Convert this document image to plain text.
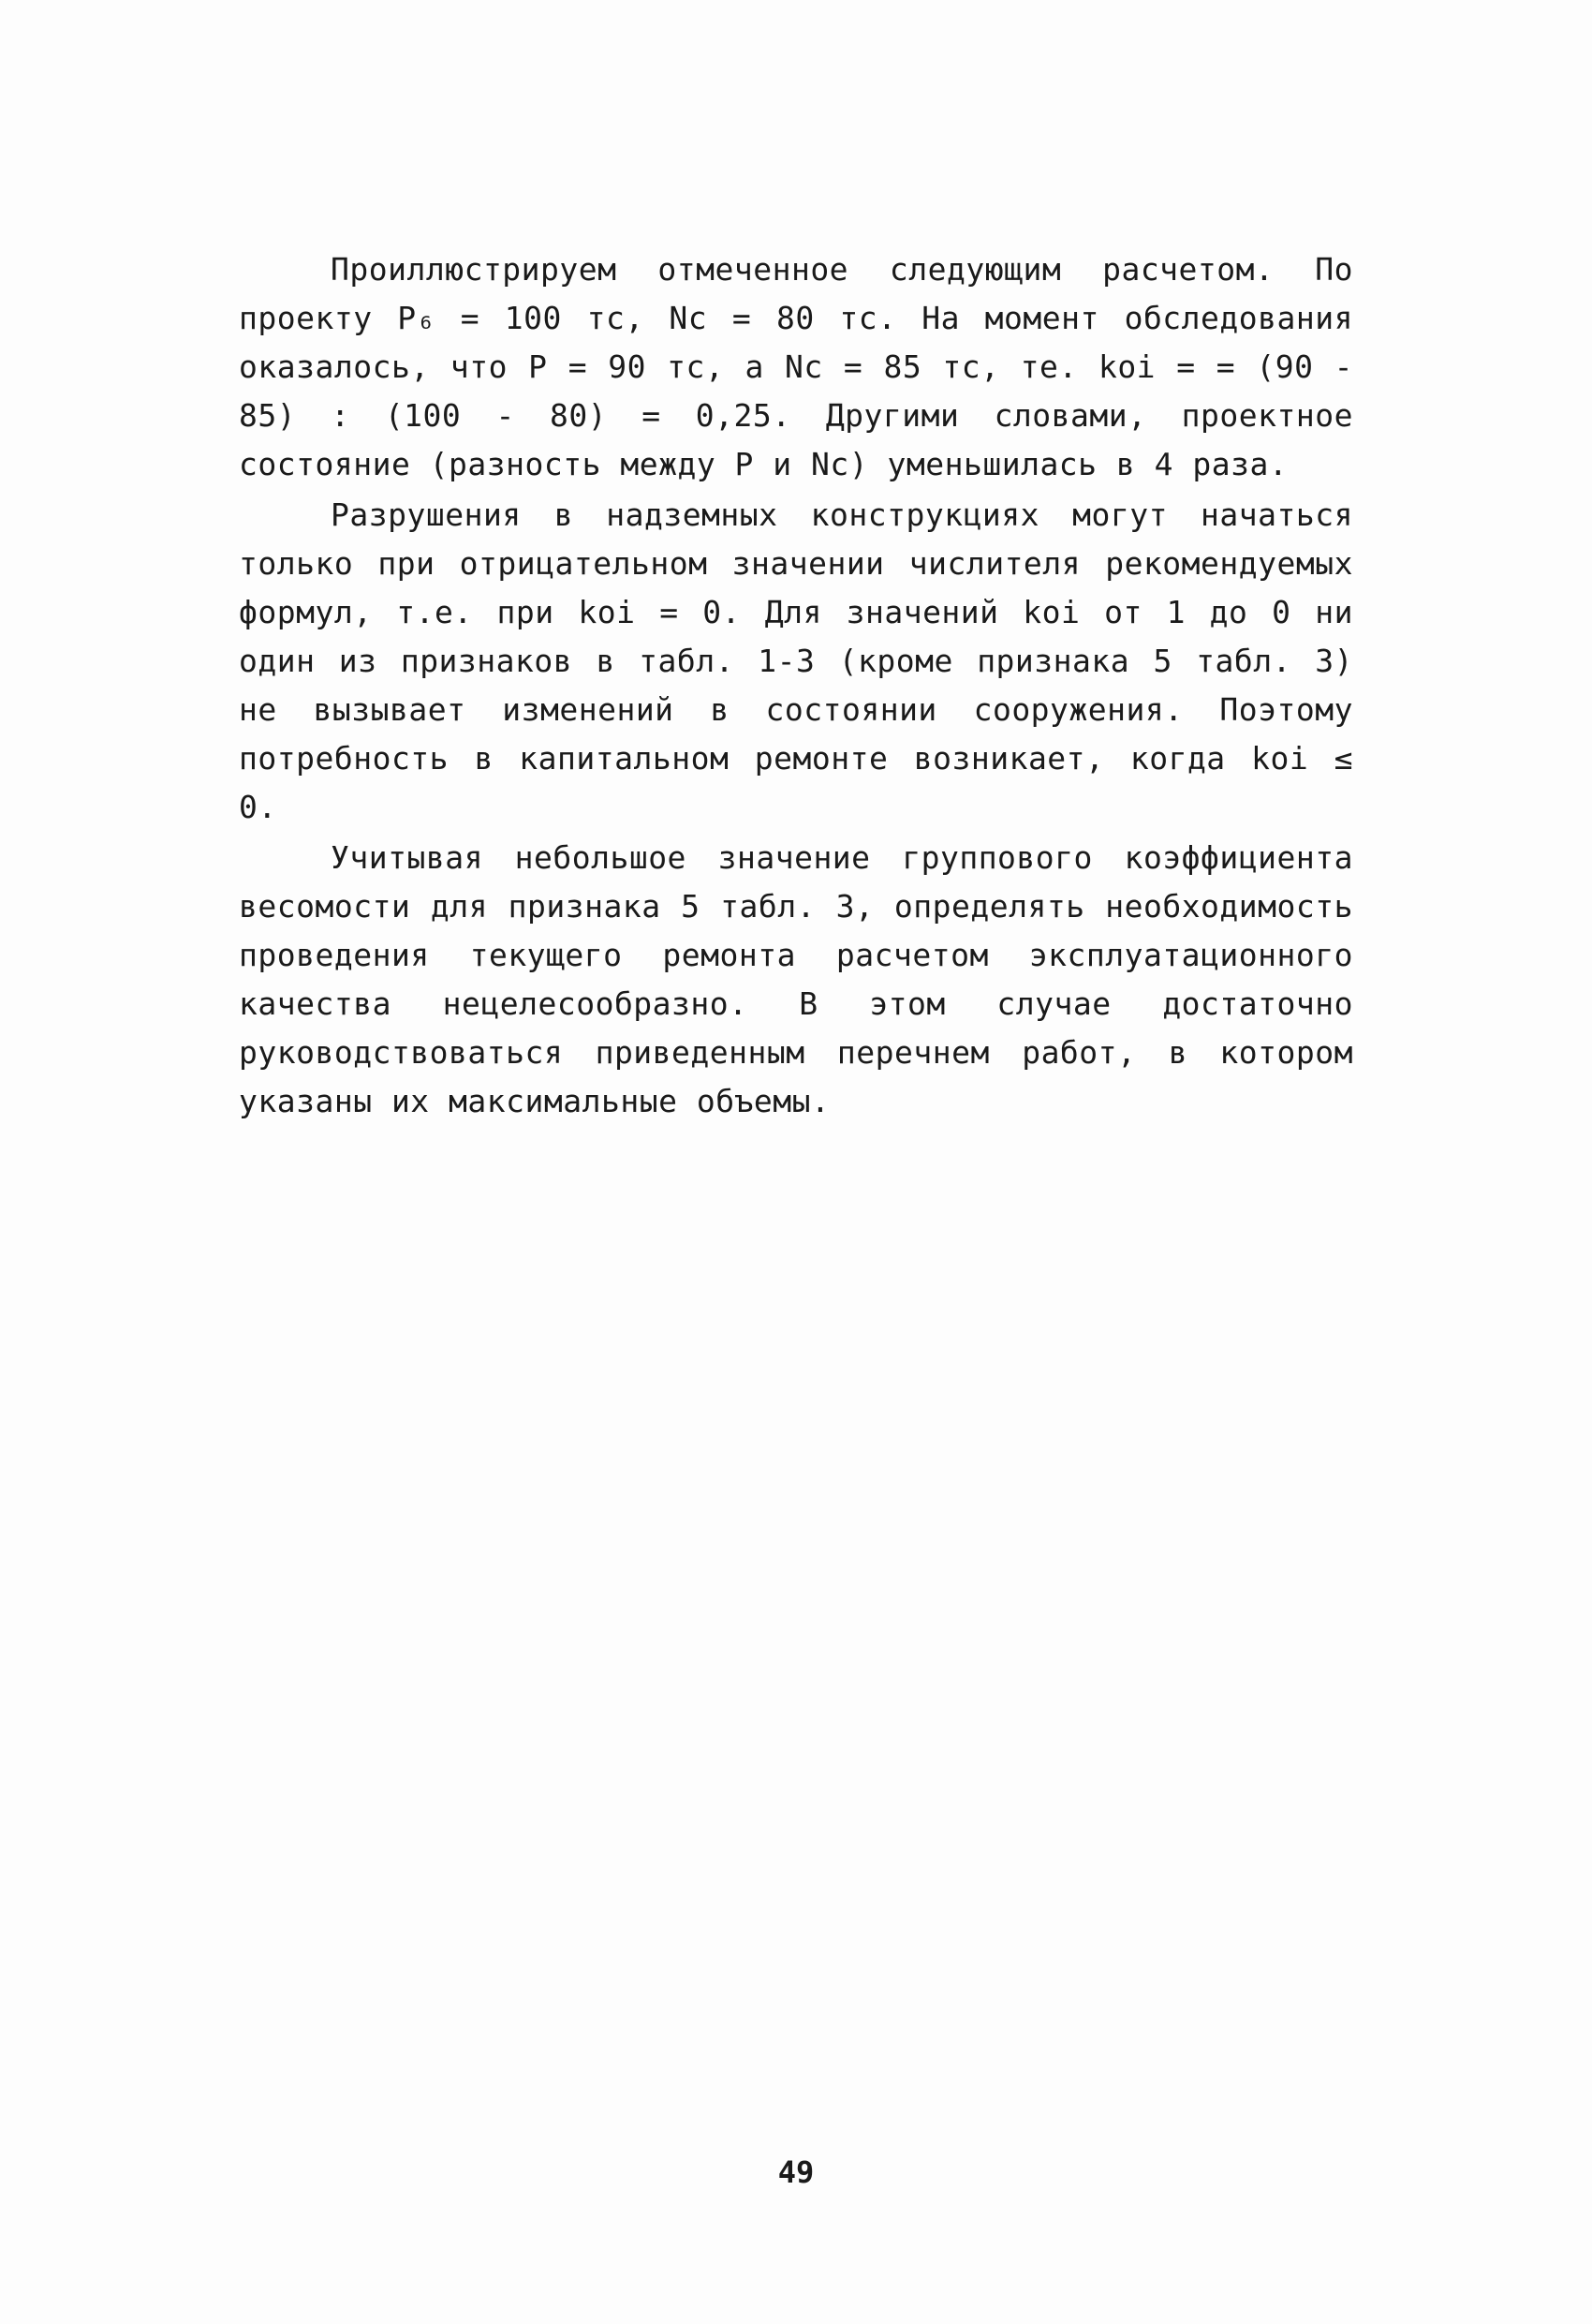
Проиллюстрируем отмеченное следующим расчетом. По проекту P₆ = 100 тс, Nc = 80 тс. На момент обследования оказалось, что P = 90 тс, а Nc = 85 тс, те. kоi = = (90 - 85) : (100 - 80) = 0,25. Другими словами, проектное состояние (разность между P и Nc) уменьшилась в 4 раза.

Разрушения в надземных конструкциях могут начаться только при отрицательном значении числителя рекомендуемых формул, т.е. при kоi = 0. Для значений kоi от 1 до 0 ни один из признаков в табл. 1-3 (кроме признака 5 табл. 3) не вызывает изменений в состоянии сооружения. Поэтому потребность в капитальном ремонте возникает, когда kоi ≤ 0.

Учитывая небольшое значение группового коэффициента весомости для признака 5 табл. 3, определять необходимость проведения текущего ремонта расчетом эксплуатационного качества нецелесообразно. В этом случае достаточно руководствоваться приведенным перечнем работ, в котором указаны их максимальные объемы.

49
